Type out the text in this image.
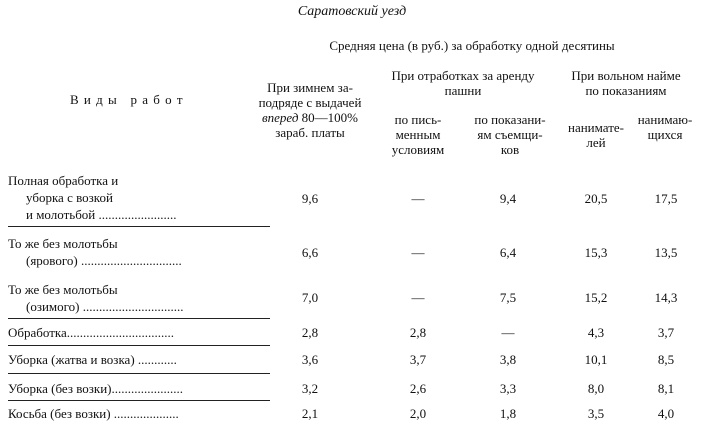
Саратовский уезд
Средняя цена (в руб.) за обработку одной десятины
В и д ы   р а б о т
При зимнем за-
подряде с выдачей
вперед 80—100%
зараб. платы
При отработках за аренду
пашни
по пись-
менным
условиям
по показани-
ям съемщи-
ков
При вольном найме
по показаниям
нанимате-
лей
нанимаю-
щихся
Полная обработка и
уборка с возкой
и молотьбой ........................
9,6	—	9,4	20,5	17,5
То же без молотьбы
(ярового) ...............................
6,6	—	6,4	15,3	13,5
То же без молотьбы
(озимого) ...............................
7,0	—	7,5	15,2	14,3
Обработка.................................	2,8	2,8	—	4,3	3,7
Уборка (жатва и возка) ............	3,6	3,7	3,8	10,1	8,5
Уборка (без возки)......................	3,2	2,6	3,3	8,0	8,1
Косьба (без возки) ....................	2,1	2,0	1,8	3,5	4,0
